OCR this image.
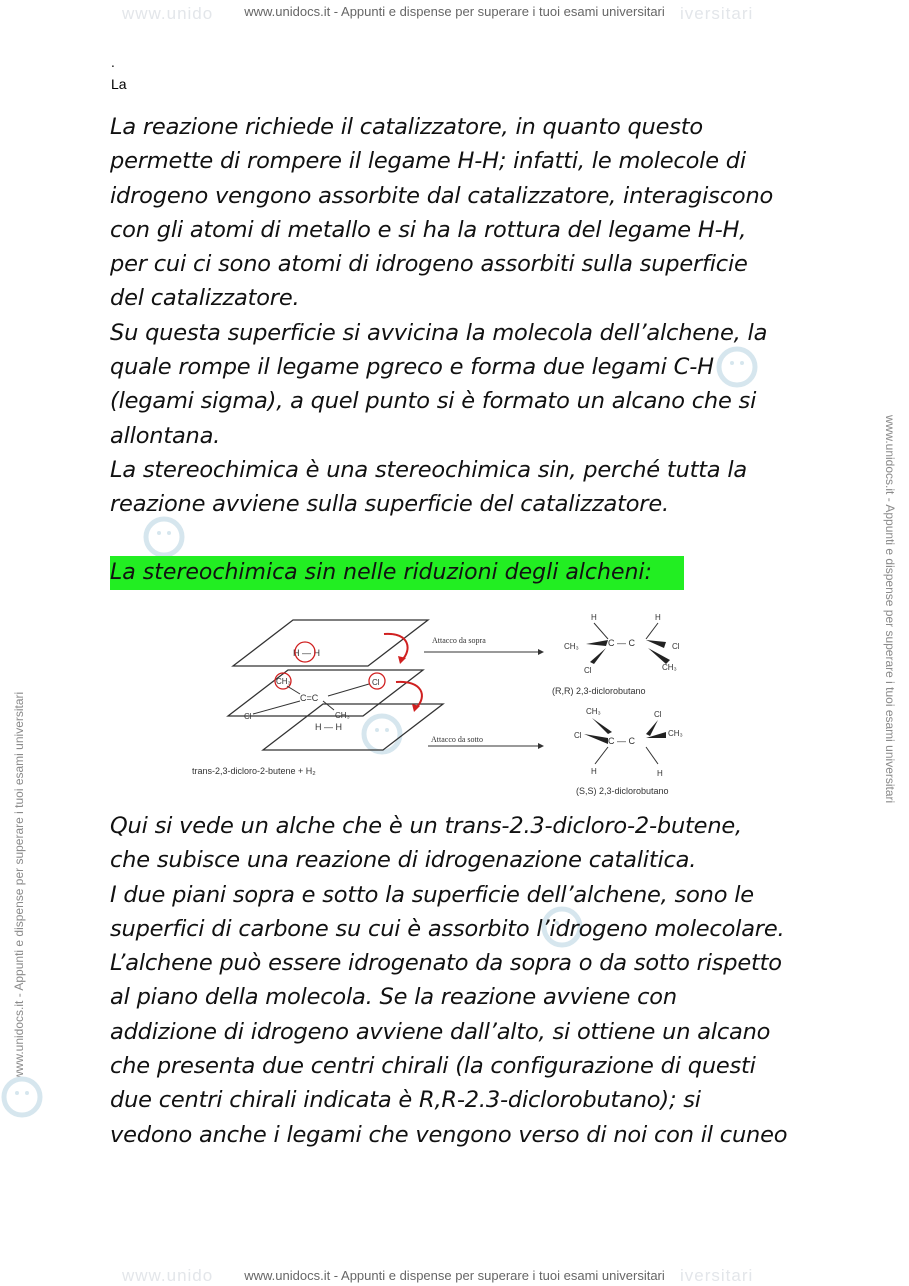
www.unido	iversitari
www.unidocs.it - Appunti e dispense per superare i tuoi esami universitari
www.unido	iversitari
www.unidocs.it - Appunti e dispense per superare i tuoi esami universitari
www.unidocs.it - Appunti e dispense per superare i tuoi esami universitari
www.unidocs.it - Appunti e dispense per superare i tuoi esami universitari
.
La
La reazione richiede il catalizzatore, in quanto questo
permette di rompere il legame H-H; infatti, le molecole di
idrogeno vengono assorbite dal catalizzatore, interagiscono
con gli atomi di metallo e si ha la rottura del legame H-H,
per cui ci sono atomi di idrogeno assorbiti sulla superficie
del catalizzatore.
Su questa superficie si avvicina la molecola dell’alchene, la
quale rompe il legame pgreco e forma due legami C-H
(legami sigma), a quel punto si è formato un alcano che si
allontana.
La stereochimica è una stereochimica sin, perché tutta la
reazione avviene sulla superficie del catalizzatore.
La stereochimica sin nelle riduzioni degli alcheni:
H — H
H — H
CH₃
C=C
Cl
Cl
CH₃
Attacco da sopra
Attacco da sotto
trans-2,3-dicloro-2-butene + H₂
H	H
CH₃	C — C	Cl
Cl	CH₃
(R,R) 2,3-diclorobutano
CH₃	Cl
Cl
C — C
CH₃
H	H
(S,S) 2,3-diclorobutano
Qui si vede un alche che è un trans-2.3-dicloro-2-butene,
che subisce una reazione di idrogenazione catalitica.
I due piani sopra e sotto la superficie dell’alchene, sono le
superfici di carbone su cui è assorbito l’idrogeno molecolare.
L’alchene può essere idrogenato da sopra o da sotto rispetto
al piano della molecola. Se la reazione avviene con
addizione di idrogeno avviene dall’alto, si ottiene un alcano
che presenta due centri chirali (la configurazione di questi
due centri chirali indicata è R,R-2.3-diclorobutano); si
vedono anche i legami che vengono verso di noi con il cuneo
